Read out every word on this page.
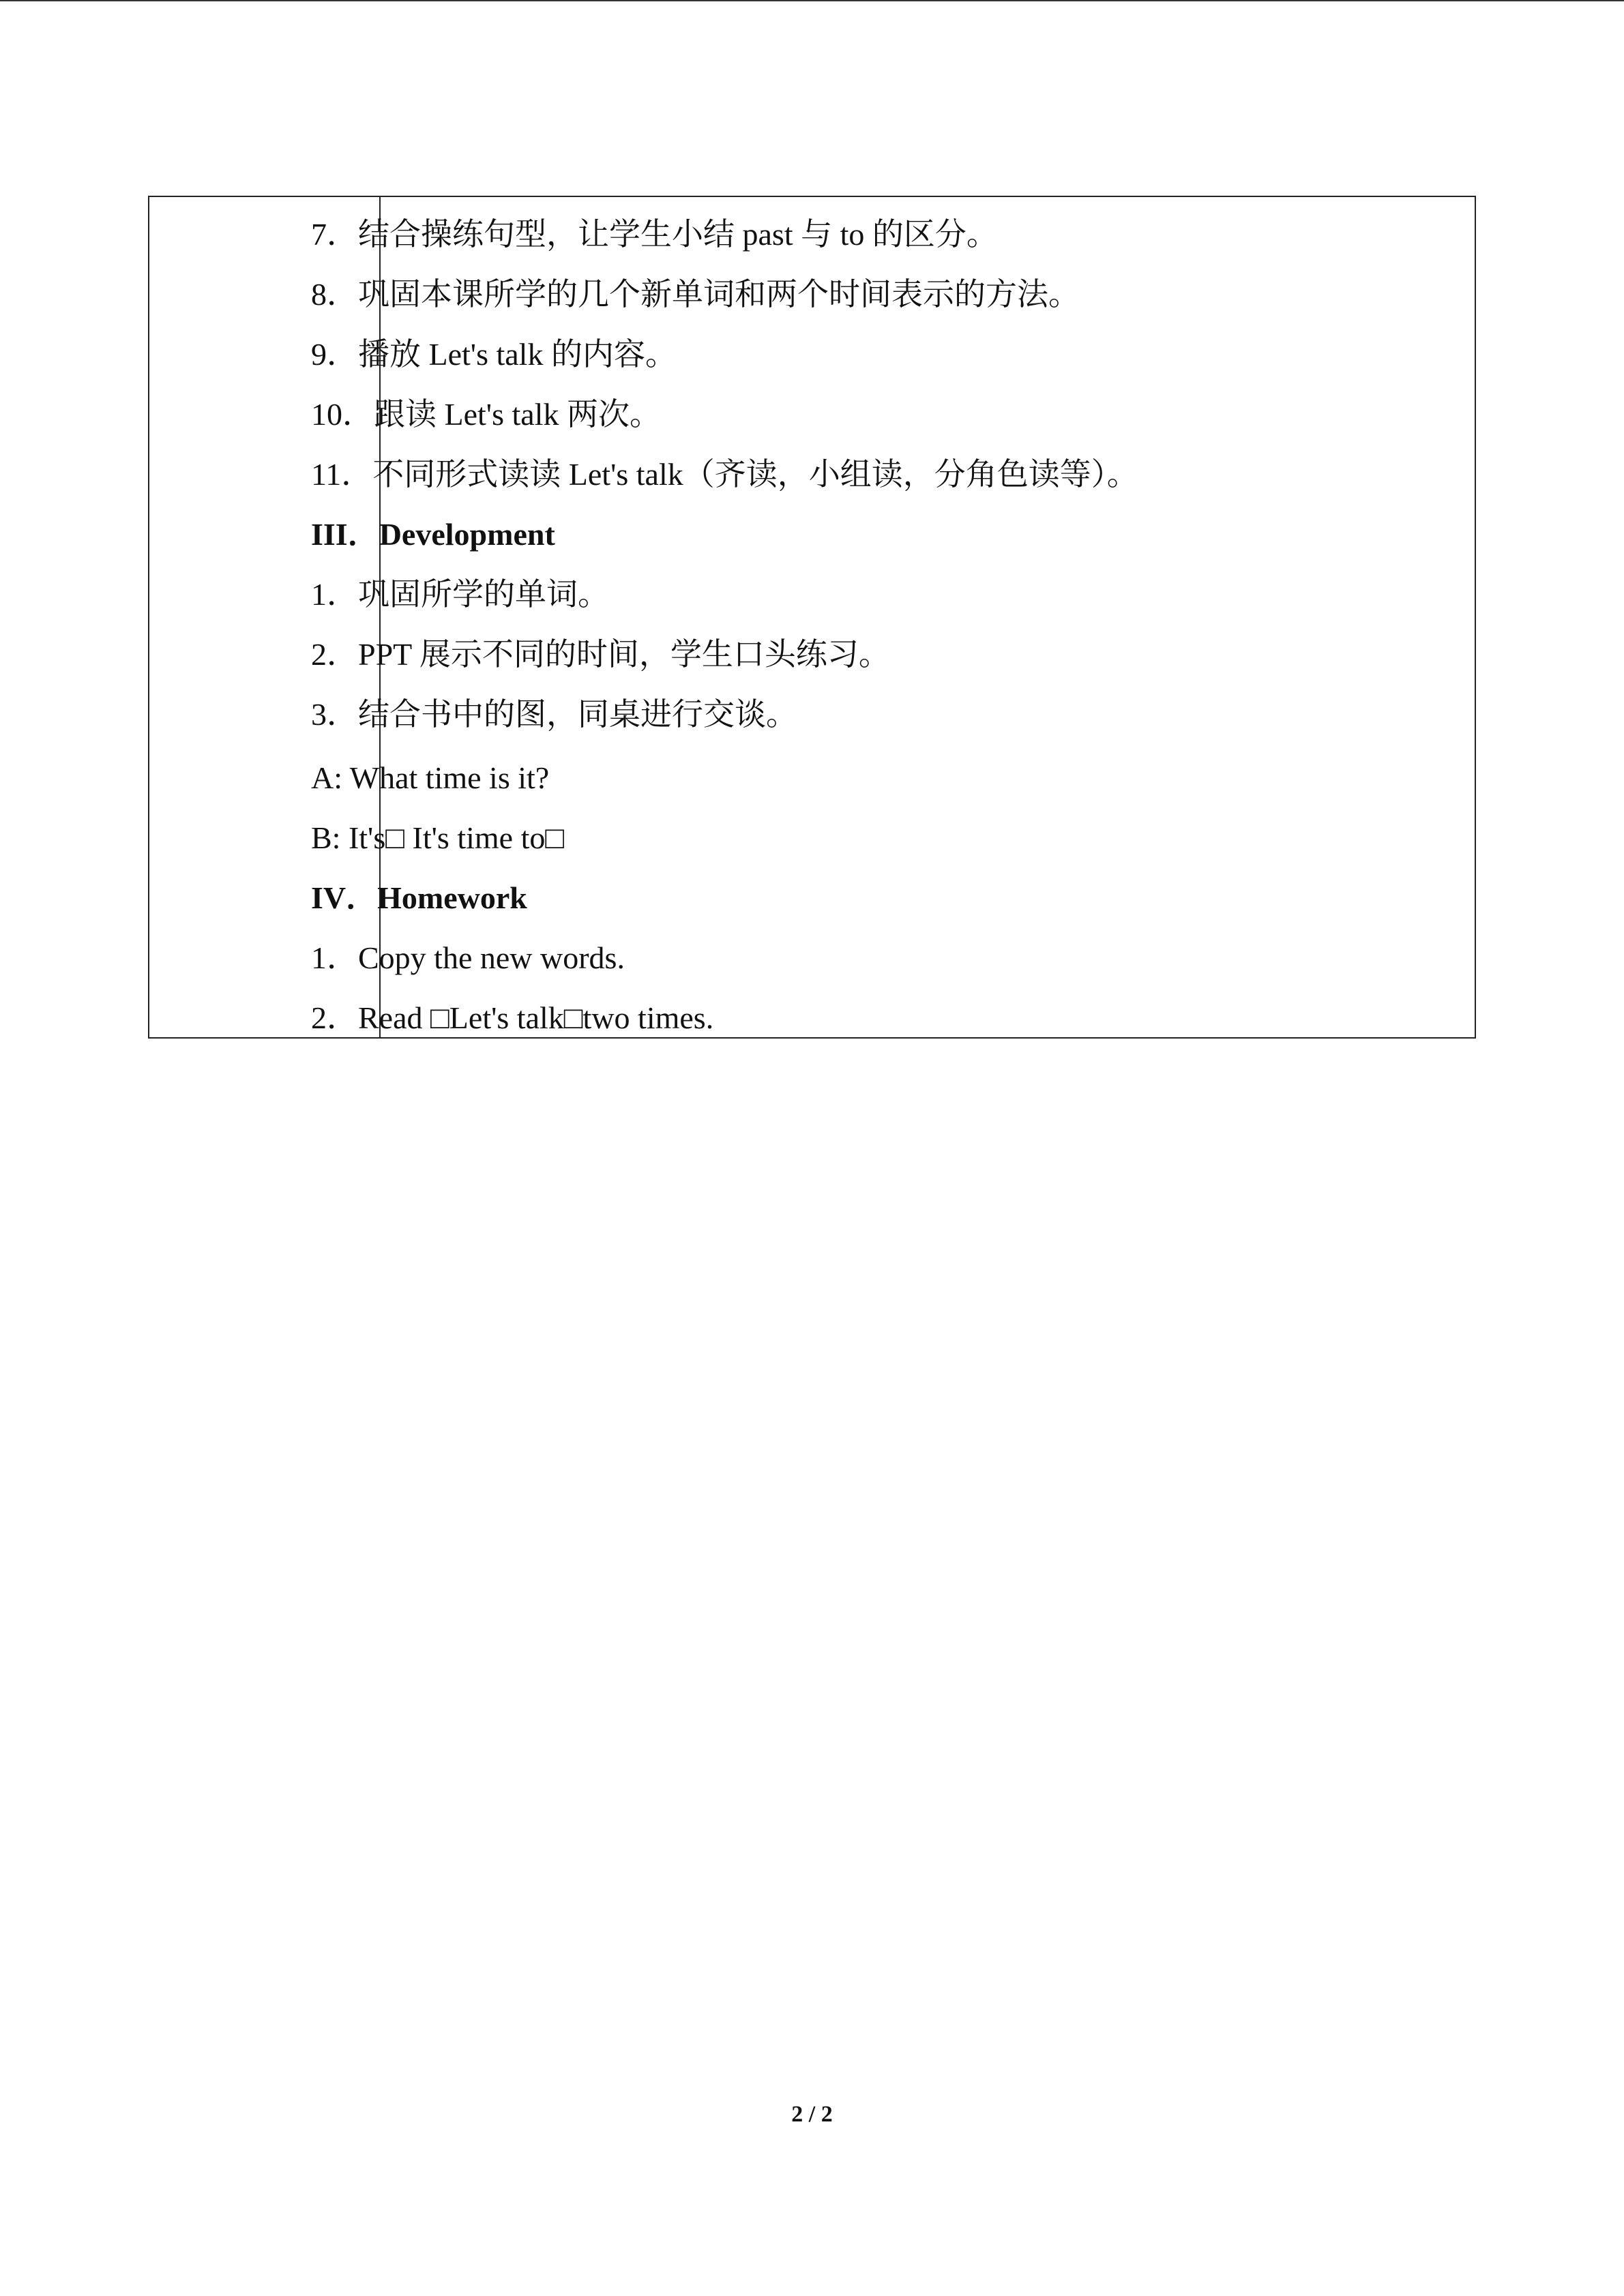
7．结合操练句型，让学生小结 past 与 to 的区分。
8．巩固本课所学的几个新单词和两个时间表示的方法。
9．播放 Let's talk 的内容。
10．跟读 Let's talk 两次。
11．不同形式读读 Let's talk（齐读，小组读，分角色读等）。
III．Development
1．巩固所学的单词。
2．PPT 展示不同的时间，学生口头练习。
3．结合书中的图，同桌进行交谈。
A: What time is it?
B: It's□ It's time to□
IV．Homework
1．Copy the new words.
2．Read □Let's talk□two times.
2 / 2
